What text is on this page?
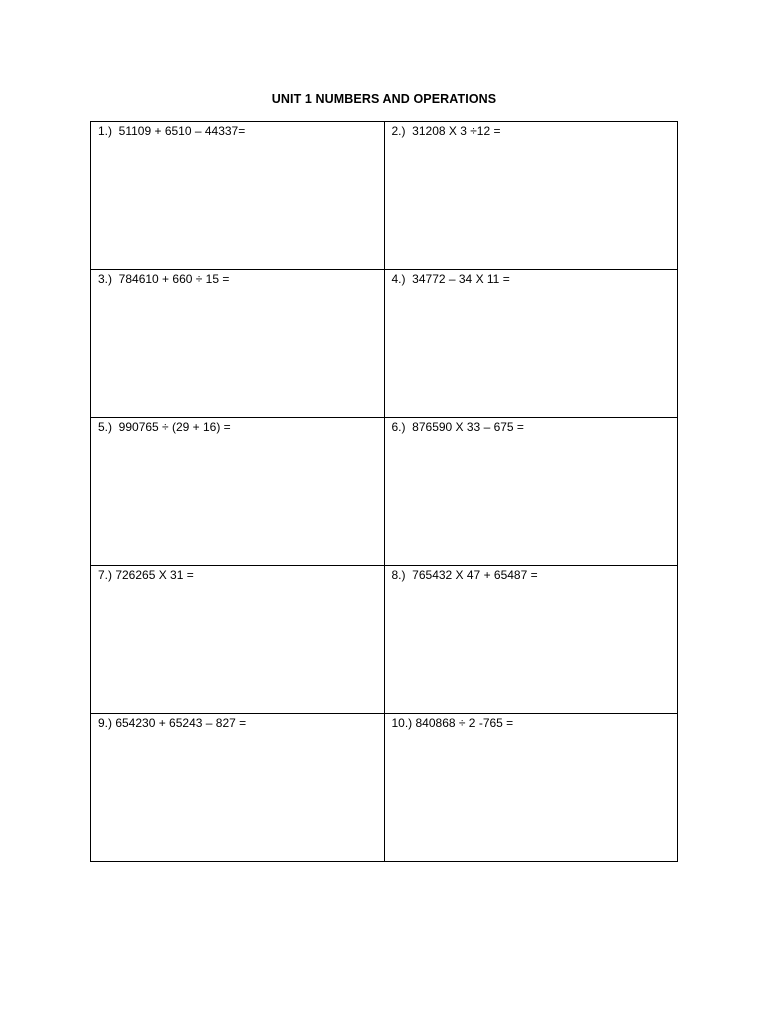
UNIT 1 NUMBERS AND OPERATIONS
1.)  51109 + 6510 – 44337=	2.)  31208 X 3 ÷12 =
3.)  784610 + 660 ÷ 15 =	4.)  34772 – 34 X 11 =
5.)  990765 ÷ (29 + 16) =	6.)  876590 X 33 – 675 =
7.) 726265 X 31 =	8.)  765432 X 47 + 65487 =
9.) 654230 + 65243 – 827 =	10.) 840868 ÷ 2 -765 =
